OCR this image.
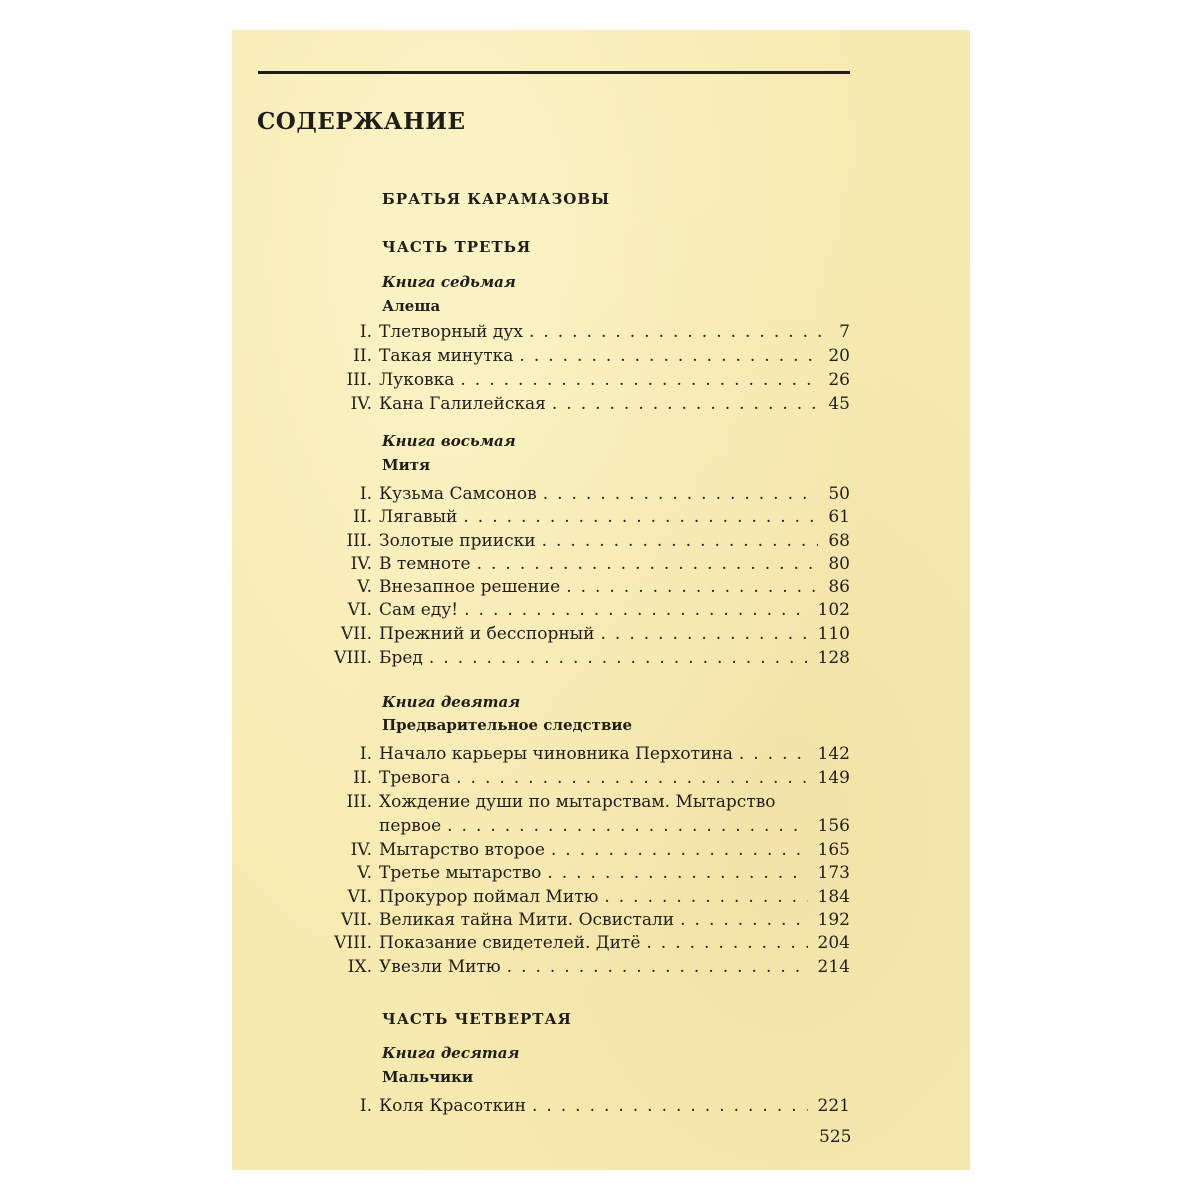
СОДЕРЖАНИЕ
БРАТЬЯ КАРАМАЗОВЫ
ЧАСТЬ ТРЕТЬЯ
Книга седьмая
Алеша
I. Тлетворный дух .....	7
II. Такая минутка .....	20
III. Луковка .....	26
IV. Кана Галилейская .....	45
Книга восьмая
Митя
I. Кузьма Самсонов .....	50
II. Лягавый .....	61
III. Золотые прииски .....	68
IV. В темноте .....	80
V. Внезапное решение .....	86
VI. Сам еду! .....	102
VII. Прежний и бесспорный .....	110
VIII. Бред .....	128
Книга девятая
Предварительное следствие
I. Начало карьеры чиновника Перхотина .....	142
II. Тревога .....	149
III. Хождение души по мытарствам. Мытарство
первое .....	156
IV. Мытарство второе .....	165
V. Третье мытарство .....	173
VI. Прокурор поймал Митю .....	184
VII. Великая тайна Мити. Освистали .....	192
VIII. Показание свидетелей. Дитё .....	204
IX. Увезли Митю .....	214
ЧАСТЬ ЧЕТВЕРТАЯ
Книга десятая
Мальчики
I. Коля Красоткин .....	221
525
